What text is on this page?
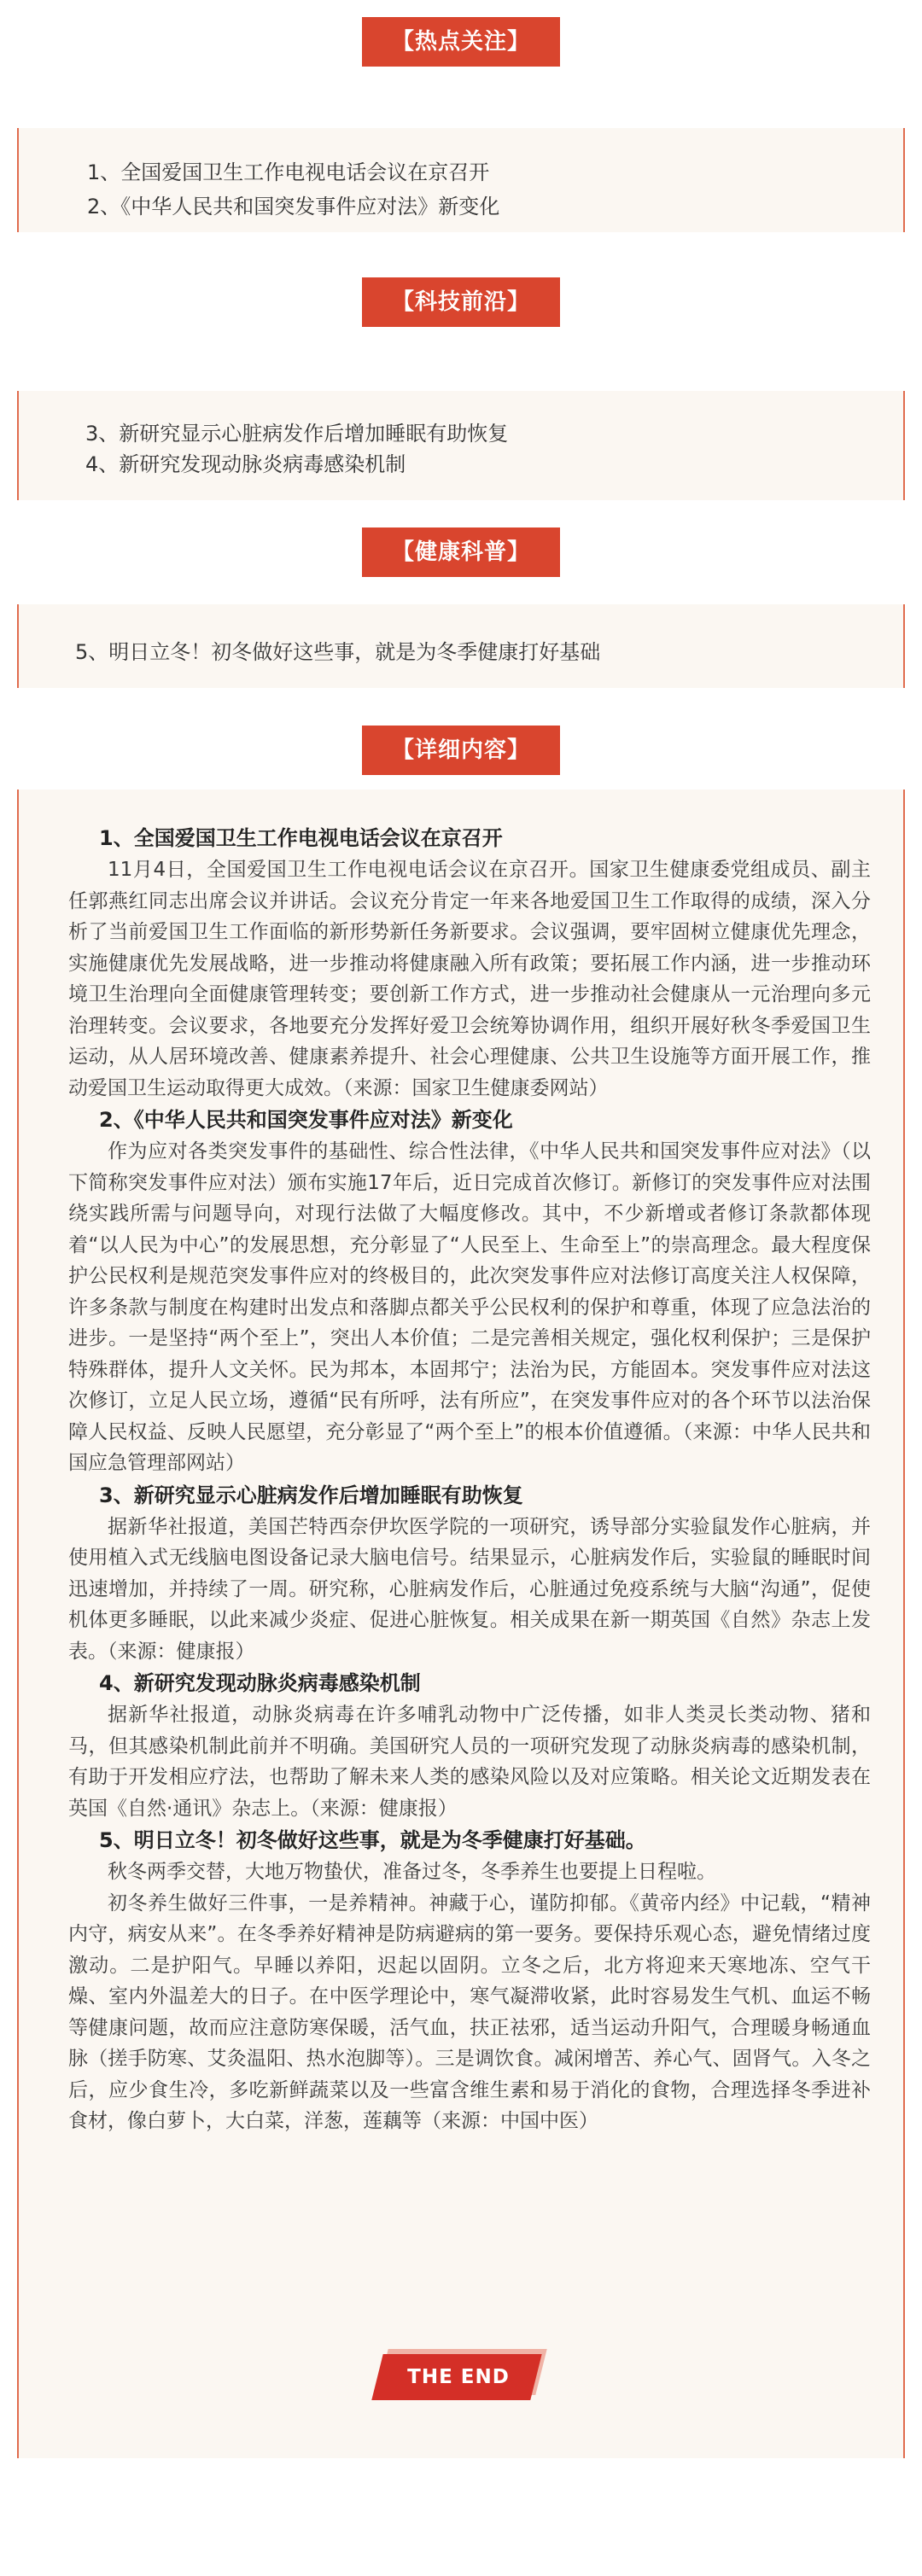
【热点关注】
1、全国爱国卫生工作电视电话会议在京召开
2、《中华人民共和国突发事件应对法》新变化
【科技前沿】
3、新研究显示心脏病发作后增加睡眠有助恢复
4、新研究发现动脉炎病毒感染机制
【健康科普】
5、明日立冬！初冬做好这些事，就是为冬季健康打好基础
【详细内容】
1、全国爱国卫生工作电视电话会议在京召开

11月4日，全国爱国卫生工作电视电话会议在京召开。国家卫生健康委党组成员、副主任郭燕红同志出席会议并讲话。会议充分肯定一年来各地爱国卫生工作取得的成绩，深入分析了当前爱国卫生工作面临的新形势新任务新要求。会议强调，要牢固树立健康优先理念，实施健康优先发展战略，进一步推动将健康融入所有政策；要拓展工作内涵，进一步推动环境卫生治理向全面健康管理转变；要创新工作方式，进一步推动社会健康从一元治理向多元治理转变。会议要求，各地要充分发挥好爱卫会统筹协调作用，组织开展好秋冬季爱国卫生运动，从人居环境改善、健康素养提升、社会心理健康、公共卫生设施等方面开展工作，推动爱国卫生运动取得更大成效。（来源：国家卫生健康委网站）

2、《中华人民共和国突发事件应对法》新变化

作为应对各类突发事件的基础性、综合性法律，《中华人民共和国突发事件应对法》（以下简称突发事件应对法）颁布实施17年后，近日完成首次修订。新修订的突发事件应对法围绕实践所需与问题导向，对现行法做了大幅度修改。其中，不少新增或者修订条款都体现着“以人民为中心”的发展思想，充分彰显了“人民至上、生命至上”的崇高理念。最大程度保护公民权利是规范突发事件应对的终极目的，此次突发事件应对法修订高度关注人权保障，许多条款与制度在构建时出发点和落脚点都关乎公民权利的保护和尊重，体现了应急法治的进步。一是坚持“两个至上”，突出人本价值；二是完善相关规定，强化权利保护；三是保护特殊群体，提升人文关怀。民为邦本，本固邦宁；法治为民，方能固本。突发事件应对法这次修订，立足人民立场，遵循“民有所呼，法有所应”，在突发事件应对的各个环节以法治保障人民权益、反映人民愿望，充分彰显了“两个至上”的根本价值遵循。（来源：中华人民共和国应急管理部网站）

3、新研究显示心脏病发作后增加睡眠有助恢复

据新华社报道，美国芒特西奈伊坎医学院的一项研究，诱导部分实验鼠发作心脏病，并使用植入式无线脑电图设备记录大脑电信号。结果显示，心脏病发作后，实验鼠的睡眠时间迅速增加，并持续了一周。研究称，心脏病发作后，心脏通过免疫系统与大脑“沟通”，促使机体更多睡眠，以此来减少炎症、促进心脏恢复。相关成果在新一期英国《自然》杂志上发表。（来源：健康报）

4、新研究发现动脉炎病毒感染机制

据新华社报道，动脉炎病毒在许多哺乳动物中广泛传播，如非人类灵长类动物、猪和马，但其感染机制此前并不明确。美国研究人员的一项研究发现了动脉炎病毒的感染机制，有助于开发相应疗法，也帮助了解未来人类的感染风险以及对应策略。相关论文近期发表在英国《自然·通讯》杂志上。（来源：健康报）

5、明日立冬！初冬做好这些事，就是为冬季健康打好基础。

秋冬两季交替，大地万物蛰伏，准备过冬，冬季养生也要提上日程啦。

初冬养生做好三件事，一是养精神。神藏于心，谨防抑郁。《黄帝内经》中记载，“精神内守，病安从来”。在冬季养好精神是防病避病的第一要务。要保持乐观心态，避免情绪过度激动。二是护阳气。早睡以养阳，迟起以固阴。立冬之后，北方将迎来天寒地冻、空气干燥、室内外温差大的日子。在中医学理论中，寒气凝滞收紧，此时容易发生气机、血运不畅等健康问题，故而应注意防寒保暖，活气血，扶正祛邪，适当运动升阳气，合理暖身畅通血脉（搓手防寒、艾灸温阳、热水泡脚等）。三是调饮食。减闲增苦、养心气、固肾气。入冬之后，应少食生冷，多吃新鲜蔬菜以及一些富含维生素和易于消化的食物，合理选择冬季进补食材，像白萝卜，大白菜，洋葱，莲藕等（来源：中国中医）

THE END
